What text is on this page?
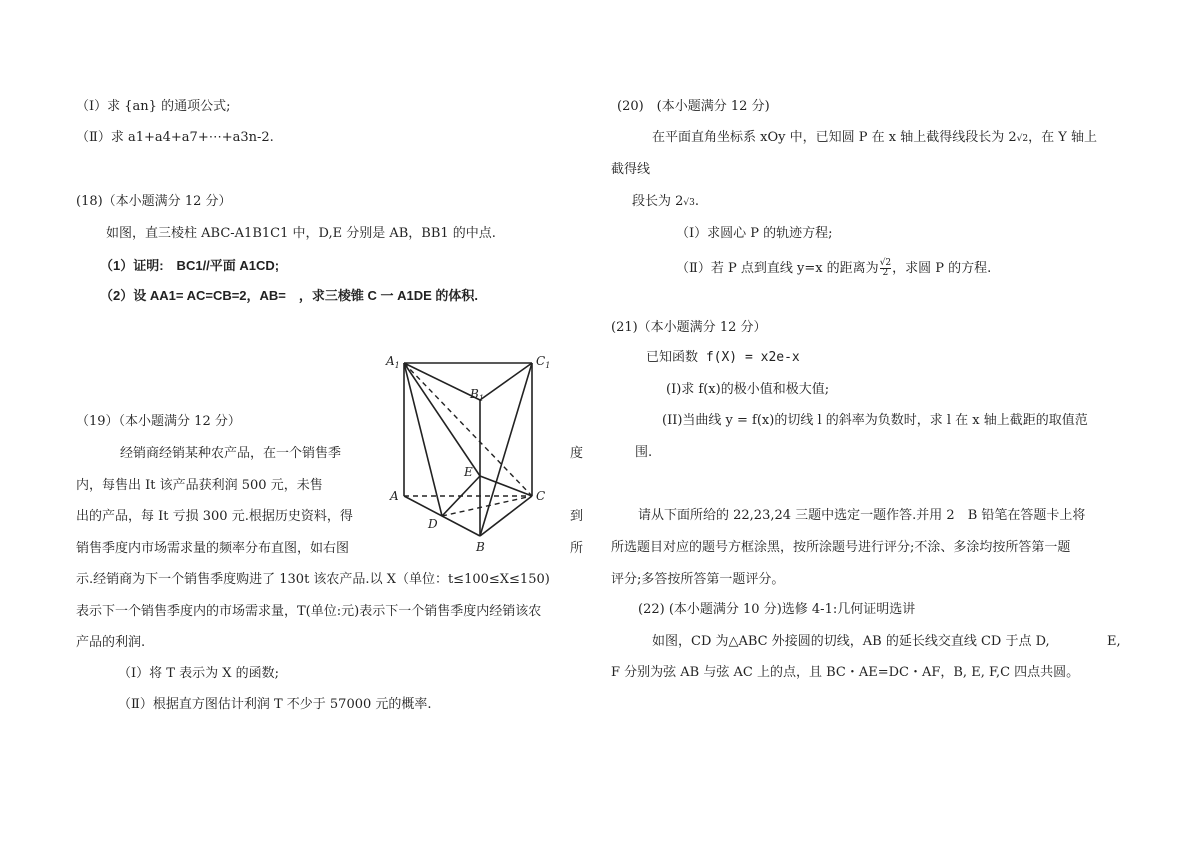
（Ⅰ）求 {an} 的通项公式;
（Ⅱ）求 a1+a4+a7+⋯+a3n-2.
(18)（本小题满分 12 分）
如图，直三棱柱 ABC-A1B1C1 中，D,E 分别是 AB，BB1 的中点.
（1）证明:　BC1//平面 A1CD;
（2）设 AA1= AC=CB=2，AB=　，求三棱锥 C 一 A1DE 的体积.
（19）（本小题满分 12 分）
经销商经销某种农产品，在一个销售季	度
内，每售出 It 该产品获利润 500 元，未售
出的产品，每 It 亏损 300 元.根据历史资料，得	到
销售季度内市场需求量的频率分布直图，如右图	所
示.经销商为下一个销售季度购进了 130t 该农产品.以 X（单位：t≤100≤X≤150)
表示下一个销售季度内的市场需求量，T(单位:元)表示下一个销售季度内经销该农
产品的利润.
（Ⅰ）将 T 表示为 X 的函数;
（Ⅱ）根据直方图估计利润 T 不少于 57000 元的概率.
$A_1$	$C_1$
$B_1$
E
A	C
D
B
(20)　(本小题满分 12 分)
在平面直角坐标系 xOy 中，已知圆 P 在 x 轴上截得线段长为 2√2，在 Y 轴上
截得线
段长为 2√3.
（Ⅰ）求圆心 P 的轨迹方程;
（Ⅱ）若 P 点到直线 y=x 的距离为 $\frac{√2}{2}$ ，求圆 P 的方程.
(21)（本小题满分 12 分）
已知函数 f(X) = x2e-x
(I)求 f(x)的极小值和极大值;
(II)当曲线 y = f(x)的切线 l 的斜率为负数时，求 l 在 x 轴上截距的取值范
围.
请从下面所给的 22,23,24 三题中选定一题作答.并用 2　B 铅笔在答题卡上将
所选题目对应的题号方框涂黑，按所涂题号进行评分;不涂、多涂均按所答第一题
评分;多答按所答第一题评分。
(22) (本小题满分 10 分)选修 4-1:几何证明选讲
如图，CD 为△ABC 外接圆的切线，AB 的延长线交直线 CD 于点 D,	E,
F 分别为弦 AB 与弦 AC 上的点，且 BC・AE=DC・AF，B, E, F,C 四点共圆。
